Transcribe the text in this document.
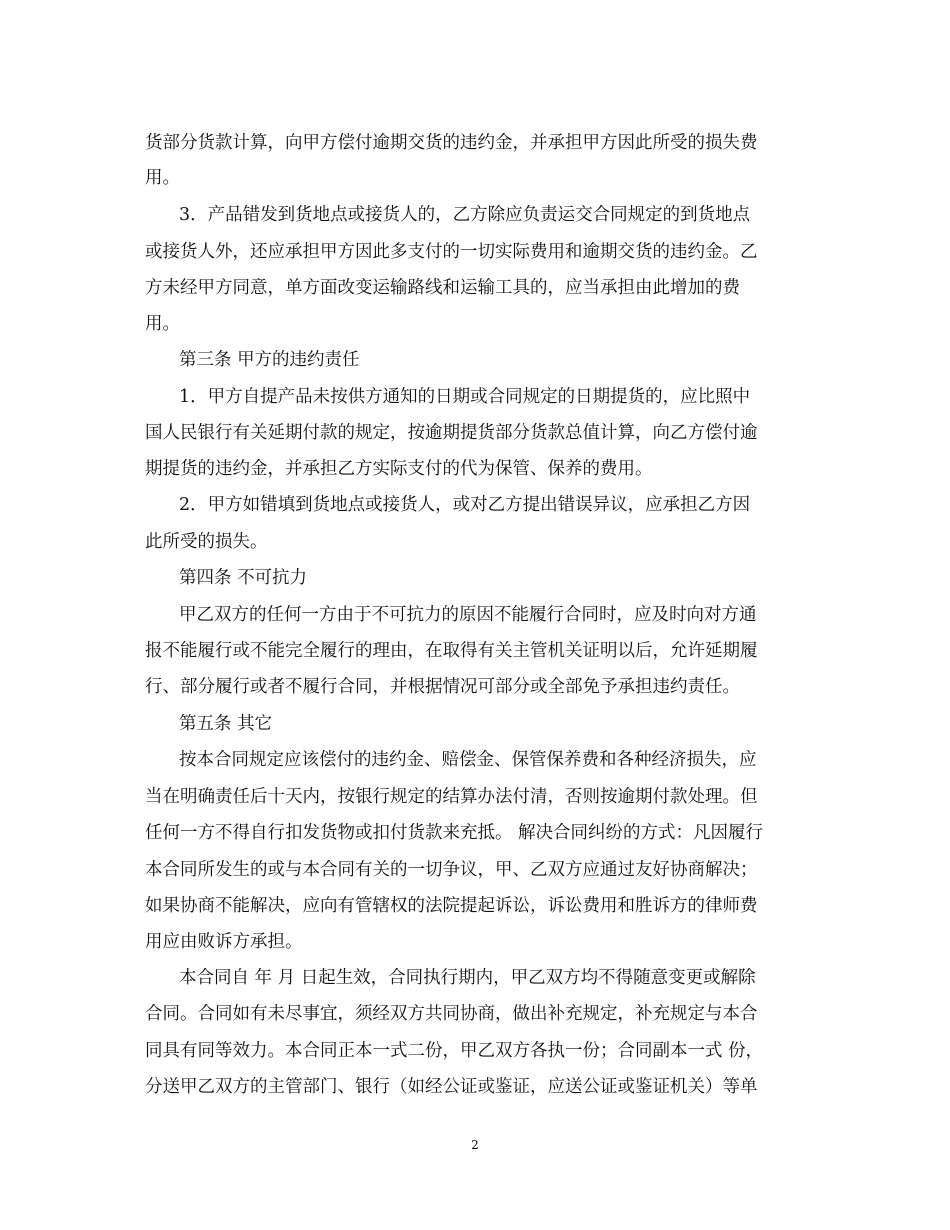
货部分货款计算，向甲方偿付逾期交货的违约金，并承担甲方因此所受的损失费
用。
3．产品错发到货地点或接货人的，乙方除应负责运交合同规定的到货地点
或接货人外，还应承担甲方因此多支付的一切实际费用和逾期交货的违约金。乙
方未经甲方同意，单方面改变运输路线和运输工具的，应当承担由此增加的费
用。
第三条 甲方的违约责任
1．甲方自提产品未按供方通知的日期或合同规定的日期提货的，应比照中
国人民银行有关延期付款的规定，按逾期提货部分货款总值计算，向乙方偿付逾
期提货的违约金，并承担乙方实际支付的代为保管、保养的费用。
2．甲方如错填到货地点或接货人，或对乙方提出错误异议，应承担乙方因
此所受的损失。
第四条 不可抗力
甲乙双方的任何一方由于不可抗力的原因不能履行合同时，应及时向对方通
报不能履行或不能完全履行的理由，在取得有关主管机关证明以后，允许延期履
行、部分履行或者不履行合同，并根据情况可部分或全部免予承担违约责任。
第五条 其它
按本合同规定应该偿付的违约金、赔偿金、保管保养费和各种经济损失，应
当在明确责任后十天内，按银行规定的结算办法付清，否则按逾期付款处理。但
任何一方不得自行扣发货物或扣付货款来充抵。 解决合同纠纷的方式：凡因履行
本合同所发生的或与本合同有关的一切争议，甲、乙双方应通过友好协商解决；
如果协商不能解决，应向有管辖权的法院提起诉讼，诉讼费用和胜诉方的律师费
用应由败诉方承担。
本合同自 年 月 日起生效，合同执行期内，甲乙双方均不得随意变更或解除
合同。合同如有未尽事宜，须经双方共同协商，做出补充规定，补充规定与本合
同具有同等效力。本合同正本一式二份，甲乙双方各执一份；合同副本一式 份，
分送甲乙双方的主管部门、银行（如经公证或鉴证，应送公证或鉴证机关）等单
2
